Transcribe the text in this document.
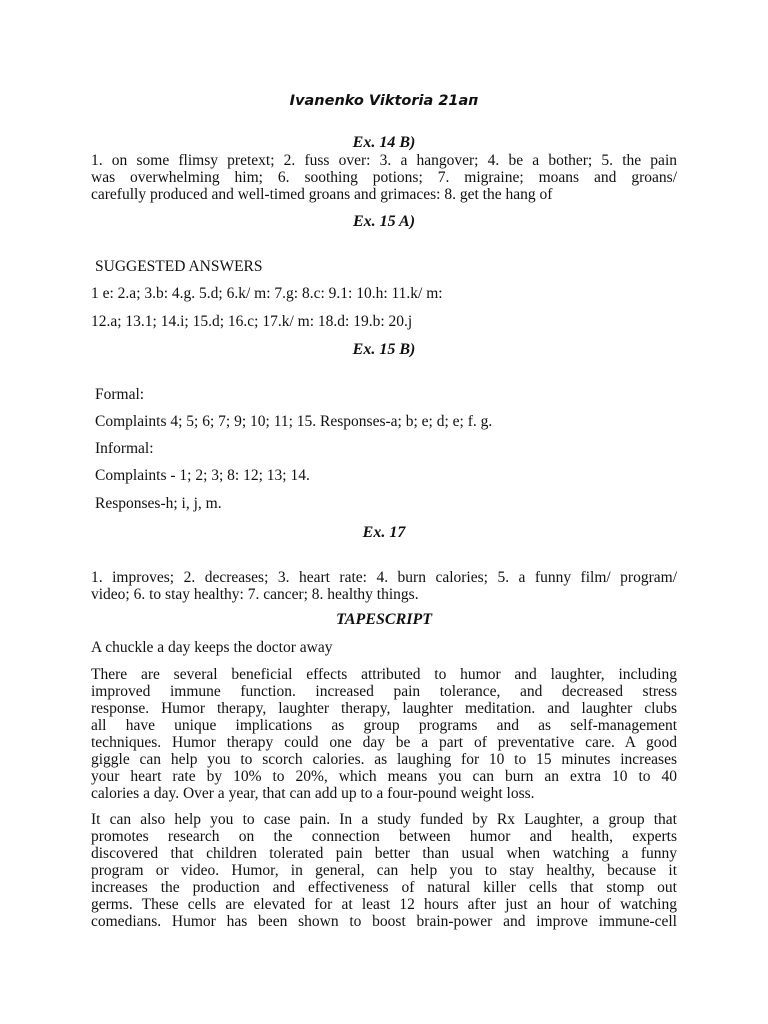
Ivanenko Viktoria 21ап
Ex. 14 B)
1. on some flimsy pretext; 2. fuss over: 3. a hangover; 4. be a bother; 5. the pain
was overwhelming him; 6. soothing potions; 7. migraine; moans and groans/
carefully produced and well-timed groans and grimaces: 8. get the hang of
Ex. 15 A)
SUGGESTED ANSWERS
1 e: 2.a; 3.b: 4.g. 5.d; 6.k/ m: 7.g: 8.c: 9.1: 10.h: 11.k/ m:
12.a; 13.1; 14.i; 15.d; 16.c; 17.k/ m: 18.d: 19.b: 20.j
Ex. 15 B)
Formal:
Complaints 4; 5; 6; 7; 9; 10; 11; 15. Responses-a; b; e; d; e; f. g.
Informal:
Complaints - 1; 2; 3; 8: 12; 13; 14.
Responses-h; i, j, m.
Ex. 17
1. improves; 2. decreases; 3. heart rate: 4. burn calories; 5. a funny film/ program/
video; 6. to stay healthy: 7. cancer; 8. healthy things.
TAPESCRIPT
A chuckle a day keeps the doctor away
There are several beneficial effects attributed to humor and laughter, including
improved immune function. increased pain tolerance, and decreased stress
response. Humor therapy, laughter therapy, laughter meditation. and laughter clubs
all have unique implications as group programs and as self-management
techniques. Humor therapy could one day be a part of preventative care. A good
giggle can help you to scorch calories. as laughing for 10 to 15 minutes increases
your heart rate by 10% to 20%, which means you can burn an extra 10 to 40
calories a day. Over a year, that can add up to a four-pound weight loss.
It can also help you to case pain. In a study funded by Rx Laughter, a group that
promotes research on the connection between humor and health, experts
discovered that children tolerated pain better than usual when watching a funny
program or video. Humor, in general, can help you to stay healthy, because it
increases the production and effectiveness of natural killer cells that stomp out
germs. These cells are elevated for at least 12 hours after just an hour of watching
comedians. Humor has been shown to boost brain-power and improve immune-cell
